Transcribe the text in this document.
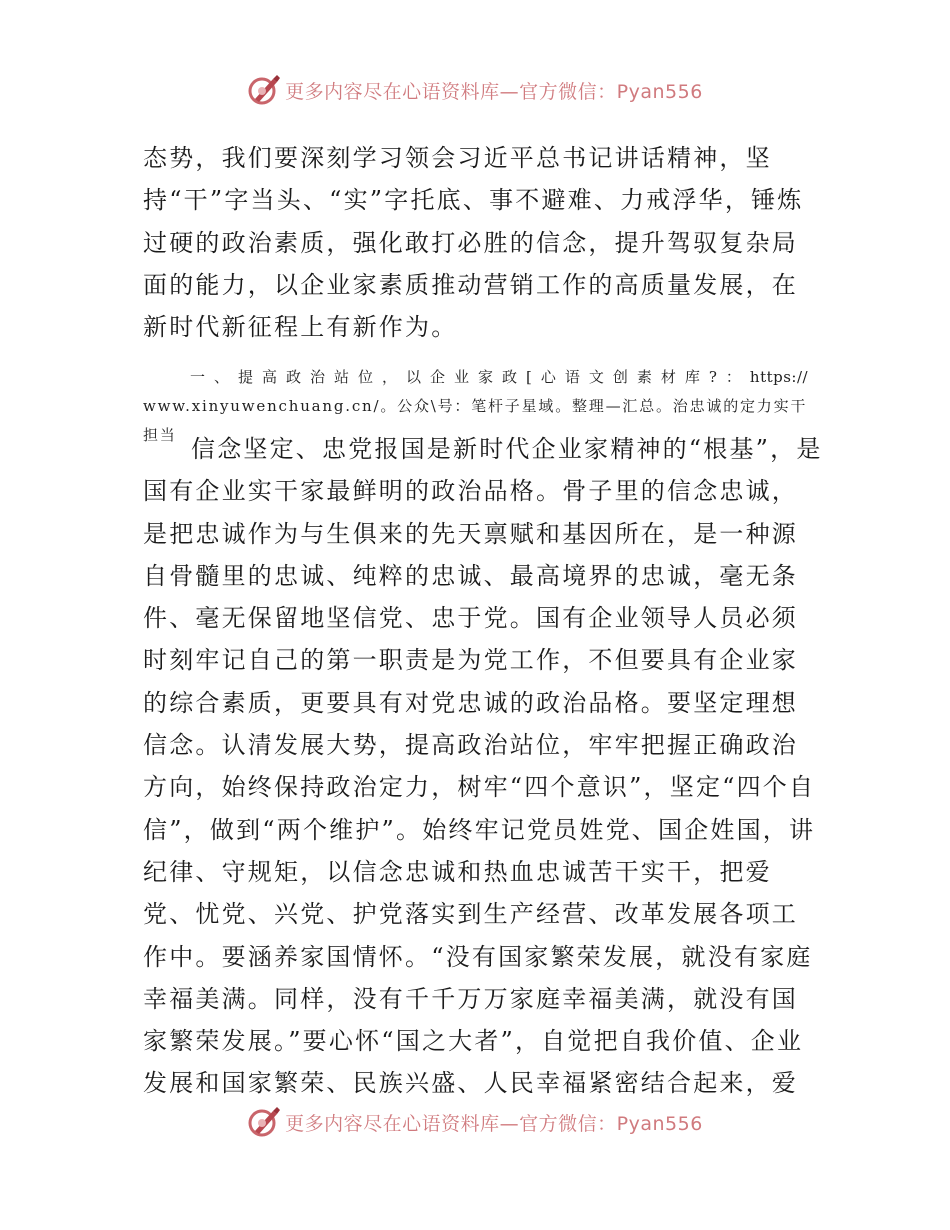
更多内容尽在心语资料库—官方微信：Pyan556

态势，我们要深刻学习领会习近平总书记讲话精神，坚持“干”字当头、“实”字托底、事不避难、力戒浮华，锤炼过硬的政治素质，强化敢打必胜的信念，提升驾驭复杂局面的能力，以企业家素质推动营销工作的高质量发展，在新时代新征程上有新作为。

一、提高政治站位，以企业家政[心语文创素材库?：https://
www.xinyuwenchuang.cn/。公众\号：笔杆子星域。整理—汇总。治忠诚的定力实干担当 信念坚定、忠党报国是新时代企业家精神的“根基”，是国有企业实干家最鲜明的政治品格。骨子里的信念忠诚，是把忠诚作为与生俱来的先天禀赋和基因所在，是一种源自骨髓里的忠诚、纯粹的忠诚、最高境界的忠诚，毫无条件、毫无保留地坚信党、忠于党。国有企业领导人员必须时刻牢记自己的第一职责是为党工作，不但要具有企业家的综合素质，更要具有对党忠诚的政治品格。要坚定理想信念。认清发展大势，提高政治站位，牢牢把握正确政治方向，始终保持政治定力，树牢“四个意识”，坚定“四个自信”，做到“两个维护”。始终牢记党员姓党、国企姓国，讲纪律、守规矩，以信念忠诚和热血忠诚苦干实干，把爱党、忧党、兴党、护党落实到生产经营、改革发展各项工作中。要涵养家国情怀。“没有国家繁荣发展，就没有家庭幸福美满。同样，没有千千万万家庭幸福美满，就没有国家繁荣发展。”要心怀“国之大者”，自觉把自我价值、企业发展和国家繁荣、民族兴盛、人民幸福紧密结合起来，爱

更多内容尽在心语资料库—官方微信：Pyan556
